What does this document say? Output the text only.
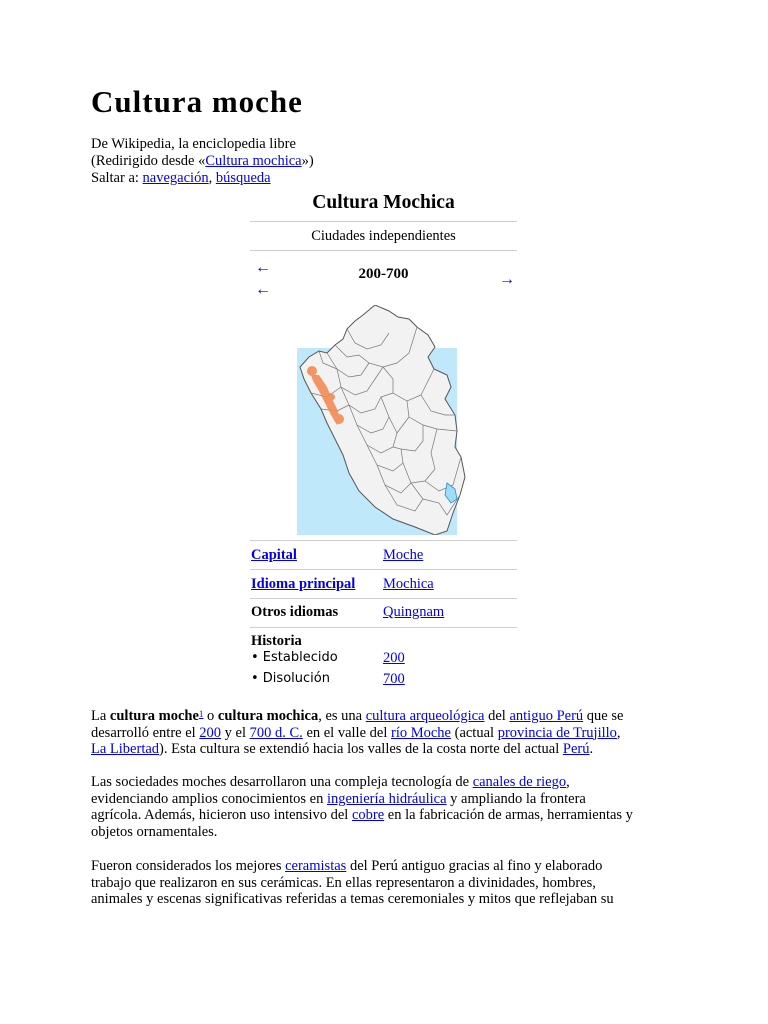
Cultura moche
De Wikipedia, la enciclopedia libre
(Redirigido desde «Cultura mochica»)
Saltar a: navegación, búsqueda
Cultura Mochica
Ciudades independientes
←
←
200-700	→
Capital	Moche
Idioma principal Mochica
Otros idiomas	Quingnam
Historia
• Establecido	200
• Disolución	700
La cultura moche$^1$ o cultura mochica, es una cultura arqueológica del antiguo Perú que se
desarrolló entre el 200 y el 700 d. C. en el valle del río Moche (actual provincia de Trujillo,
La Libertad). Esta cultura se extendió hacia los valles de la costa norte del actual Perú.
Las sociedades moches desarrollaron una compleja tecnología de canales de riego,
evidenciando amplios conocimientos en ingeniería hidráulica y ampliando la frontera
agrícola. Además, hicieron uso intensivo del cobre en la fabricación de armas, herramientas y
objetos ornamentales.
Fueron considerados los mejores ceramistas del Perú antiguo gracias al fino y elaborado
trabajo que realizaron en sus cerámicas. En ellas representaron a divinidades, hombres,
animales y escenas significativas referidas a temas ceremoniales y mitos que reflejaban su
